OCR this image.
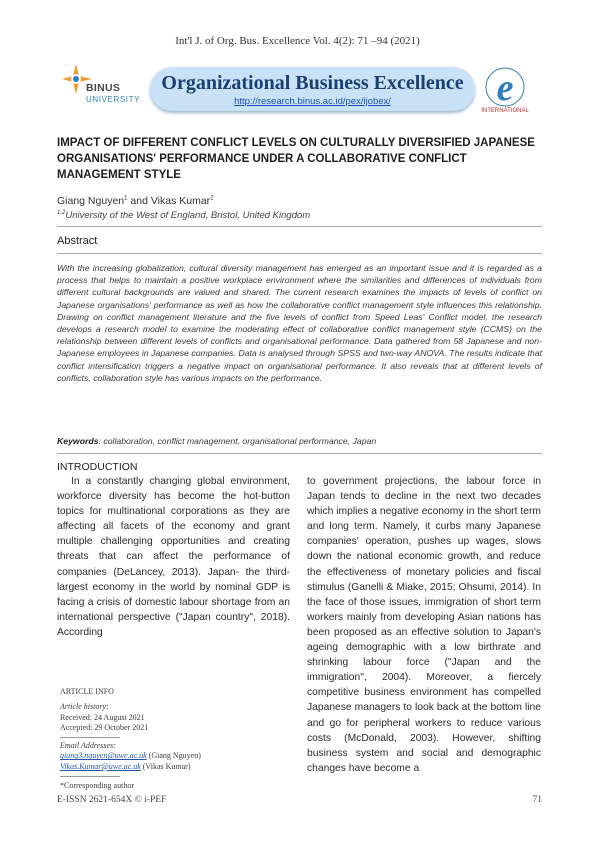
Int'l J. of Org. Bus. Excellence Vol. 4(2): 71 –94 (2021)
BINUS
UNIVERSITY
Organizational Business Excellence
http://research.binus.ac.id/pex/ijobex/	e
INTERNATIONAL
IMPACT OF DIFFERENT CONFLICT LEVELS ON CULTURALLY DIVERSIFIED JAPANESE ORGANISATIONS' PERFORMANCE UNDER A COLLABORATIVE CONFLICT MANAGEMENT STYLE
Giang Nguyen$^1$ and Vikas Kumar$^2$
$^{1,2}$University of the West of England, Bristol, United Kingdom
Abstract
With the increasing globalization, cultural diversity management has emerged as an important issue and it is regarded as a process that helps to maintain a positive workplace environment where the similarities and differences of individuals from different cultural backgrounds are valued and shared. The current research examines the impacts of levels of conflict on Japanese organisations' performance as well as how the collaborative conflict management style influences this relationship. Drawing on conflict management literature and the five levels of conflict from Speed Leas' Conflict model, the research develops a research model to examine the moderating effect of collaborative conflict management style (CCMS) on the relationship between different levels of conflicts and organisational performance. Data gathered from 58 Japanese and non-Japanese employees in Japanese companies. Data is analysed through SPSS and two-way ANOVA. The results indicate that conflict intensification triggers a negative impact on organisational performance. It also reveals that at different levels of conflicts, collaboration style has various impacts on the performance.
Keywords: collaboration, conflict management, organisational performance, Japan
INTRODUCTION
In a constantly changing global environment, workforce diversity has become the hot-button topics for multinational corporations as they are affecting all facets of the economy and grant multiple challenging opportunities and creating threats that can affect the performance of companies (DeLancey, 2013). Japan- the third-largest economy in the world by nominal GDP is facing a crisis of domestic labour shortage from an international perspective ("Japan country", 2018). According
to government projections, the labour force in Japan tends to decline in the next two decades which implies a negative economy in the short term and long term. Namely, it curbs many Japanese companies' operation, pushes up wages, slows down the national economic growth, and reduce the effectiveness of monetary policies and fiscal stimulus (Ganelli & Miake, 2015; Ohsumi, 2014). In the face of those issues, immigration of short term workers mainly from developing Asian nations has been proposed as an effective solution to Japan's ageing demographic with a low birthrate and shrinking labour force ("Japan and the immigration", 2004). Moreover, a fiercely competitive business environment has compelled Japanese managers to look back at the bottom line and go for peripheral workers to reduce various costs (McDonald, 2003). However, shifting business system and social and demographic changes have become a
ARTICLE INFO
Article history:
Received: 24 August 2021
Accepted: 29 October 2021
Email Addresses:
giang3.nguyen@uwe.ac.uk (Giang Nguyen)
Vikas.Kumar@uwe.ac.uk (Vikas Kumar)
*Corresponding author
E-ISSN 2621-654X © i-PEF	71
